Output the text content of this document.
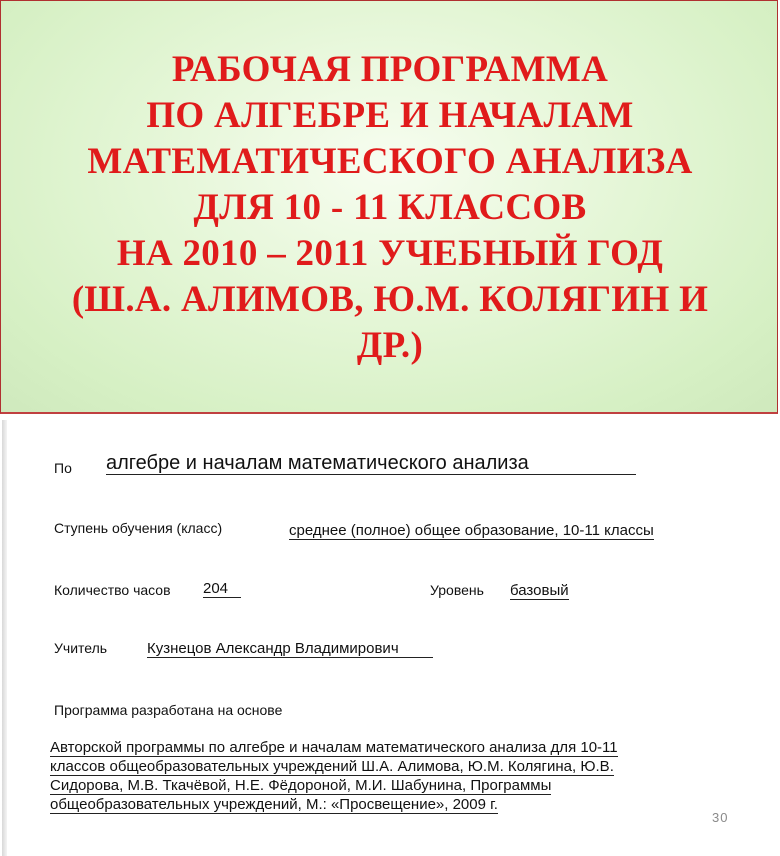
РАБОЧАЯ ПРОГРАММА
ПО АЛГЕБРЕ И НАЧАЛАМ
МАТЕМАТИЧЕСКОГО АНАЛИЗА
ДЛЯ 10 - 11 КЛАССОВ
НА 2010 – 2011 УЧЕБНЫЙ ГОД
(Ш.А. АЛИМОВ, Ю.М. КОЛЯГИН И
ДР.)
По алгебре и началам математического анализа
Ступень обучения (класс)	среднее (полное) общее образование, 10-11 классы
Количество часов 204	Уровень базовый
Учитель	Кузнецов Александр Владимирович
Программа разработана на основе
Авторской программы по алгебре и началам математического анализа для 10-11
классов общеобразовательных учреждений Ш.А. Алимова, Ю.М. Колягина, Ю.В.
Сидорова, М.В. Ткачёвой, Н.Е. Фёдороной, М.И. Шабунина, Программы
общеобразовательных учреждений, М.: «Просвещение», 2009 г.
30
